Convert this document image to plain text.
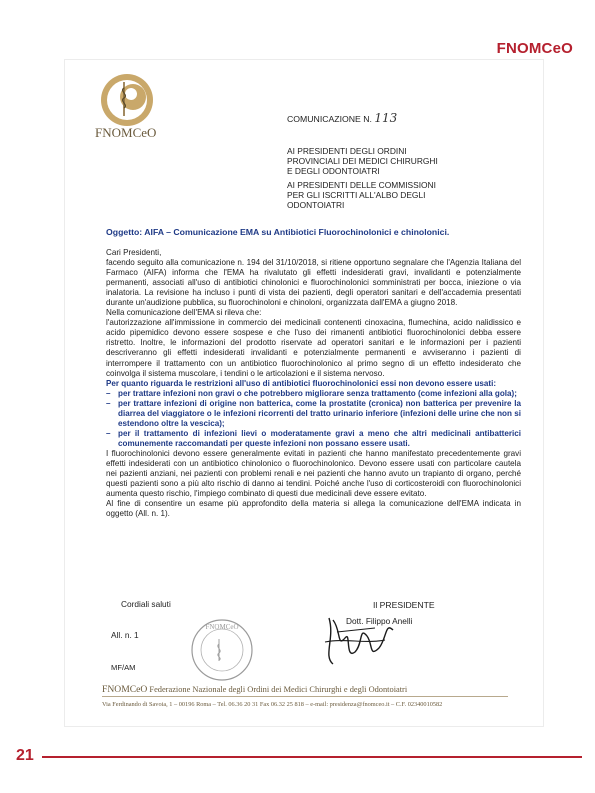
FNOMCeO
FNOMCeO
COMUNICAZIONE N. 113
AI PRESIDENTI DEGLI ORDINI
PROVINCIALI DEI MEDICI CHIRURGHI
E DEGLI ODONTOIATRI
AI PRESIDENTI DELLE COMMISSIONI
PER GLI ISCRITTI ALL'ALBO DEGLI
ODONTOIATRI
Oggetto: AIFA – Comunicazione EMA su Antibiotici Fluorochinolonici e chinolonici.

Cari Presidenti,

facendo seguito alla comunicazione n. 194 del 31/10/2018, si ritiene opportuno segnalare che l'Agenzia Italiana del Farmaco (AIFA) informa che l'EMA ha rivalutato gli effetti indesiderati gravi, invalidanti e potenzialmente permanenti, associati all'uso di antibiotici chinolonici e fluorochinolonici somministrati per bocca, iniezione o via inalatoria. La revisione ha incluso i punti di vista dei pazienti, degli operatori sanitari e dell'accademia presentati durante un'audizione pubblica, su fluorochinoloni e chinoloni, organizzata dall'EMA a giugno 2018.

Nella comunicazione dell'EMA si rileva che:

l'autorizzazione all'immissione in commercio dei medicinali contenenti cinoxacina, flumechina, acido nalidissico e acido pipemidico devono essere sospese e che l'uso dei rimanenti antibiotici fluorochinolonici debba essere ristretto. Inoltre, le informazioni del prodotto riservate ad operatori sanitari e le informazioni per i pazienti descriveranno gli effetti indesiderati invalidanti e potenzialmente permanenti e avviseranno i pazienti di interrompere il trattamento con un antibiotico fluorochinolonico al primo segno di un effetto indesiderato che coinvolga il sistema muscolare, i tendini o le articolazioni e il sistema nervoso.

Per quanto riguarda le restrizioni all'uso di antibiotici fluorochinolonici essi non devono essere usati:

– per trattare infezioni non gravi o che potrebbero migliorare senza trattamento (come infezioni alla gola);
– per trattare infezioni di origine non batterica, come la prostatite (cronica) non batterica per prevenire la diarrea del viaggiatore o le infezioni ricorrenti del tratto urinario inferiore (infezioni delle urine che non si estendono oltre la vescica);
– per il trattamento di infezioni lievi o moderatamente gravi a meno che altri medicinali antibatterici comunemente raccomandati per queste infezioni non possano essere usati.

I fluorochinolonici devono essere generalmente evitati in pazienti che hanno manifestato precedentemente gravi effetti indesiderati con un antibiotico chinolonico o fluorochinolonico. Devono essere usati con particolare cautela nei pazienti anziani, nei pazienti con problemi renali e nei pazienti che hanno avuto un trapianto di organo, perché questi pazienti sono a più alto rischio di danno ai tendini. Poiché anche l'uso di corticosteroidi con fluorochinolonici aumenta questo rischio, l'impiego combinato di questi due medicinali deve essere evitato.

Al fine di consentire un esame più approfondito della materia si allega la comunicazione dell'EMA indicata in oggetto (All. n. 1).

Cordiali saluti	Il PRESIDENTE
Dott. Filippo Anelli
All. n. 1
MF/AM
FNOMCeO
FNOMCeO Federazione Nazionale degli Ordini dei Medici Chirurghi e degli Odontoiatri
Via Ferdinando di Savoia, 1 – 00196 Roma – Tel. 06.36 20 31 Fax 06.32 25 818 – e-mail: presidenza@fnomceo.it – C.F. 02340010582
21
